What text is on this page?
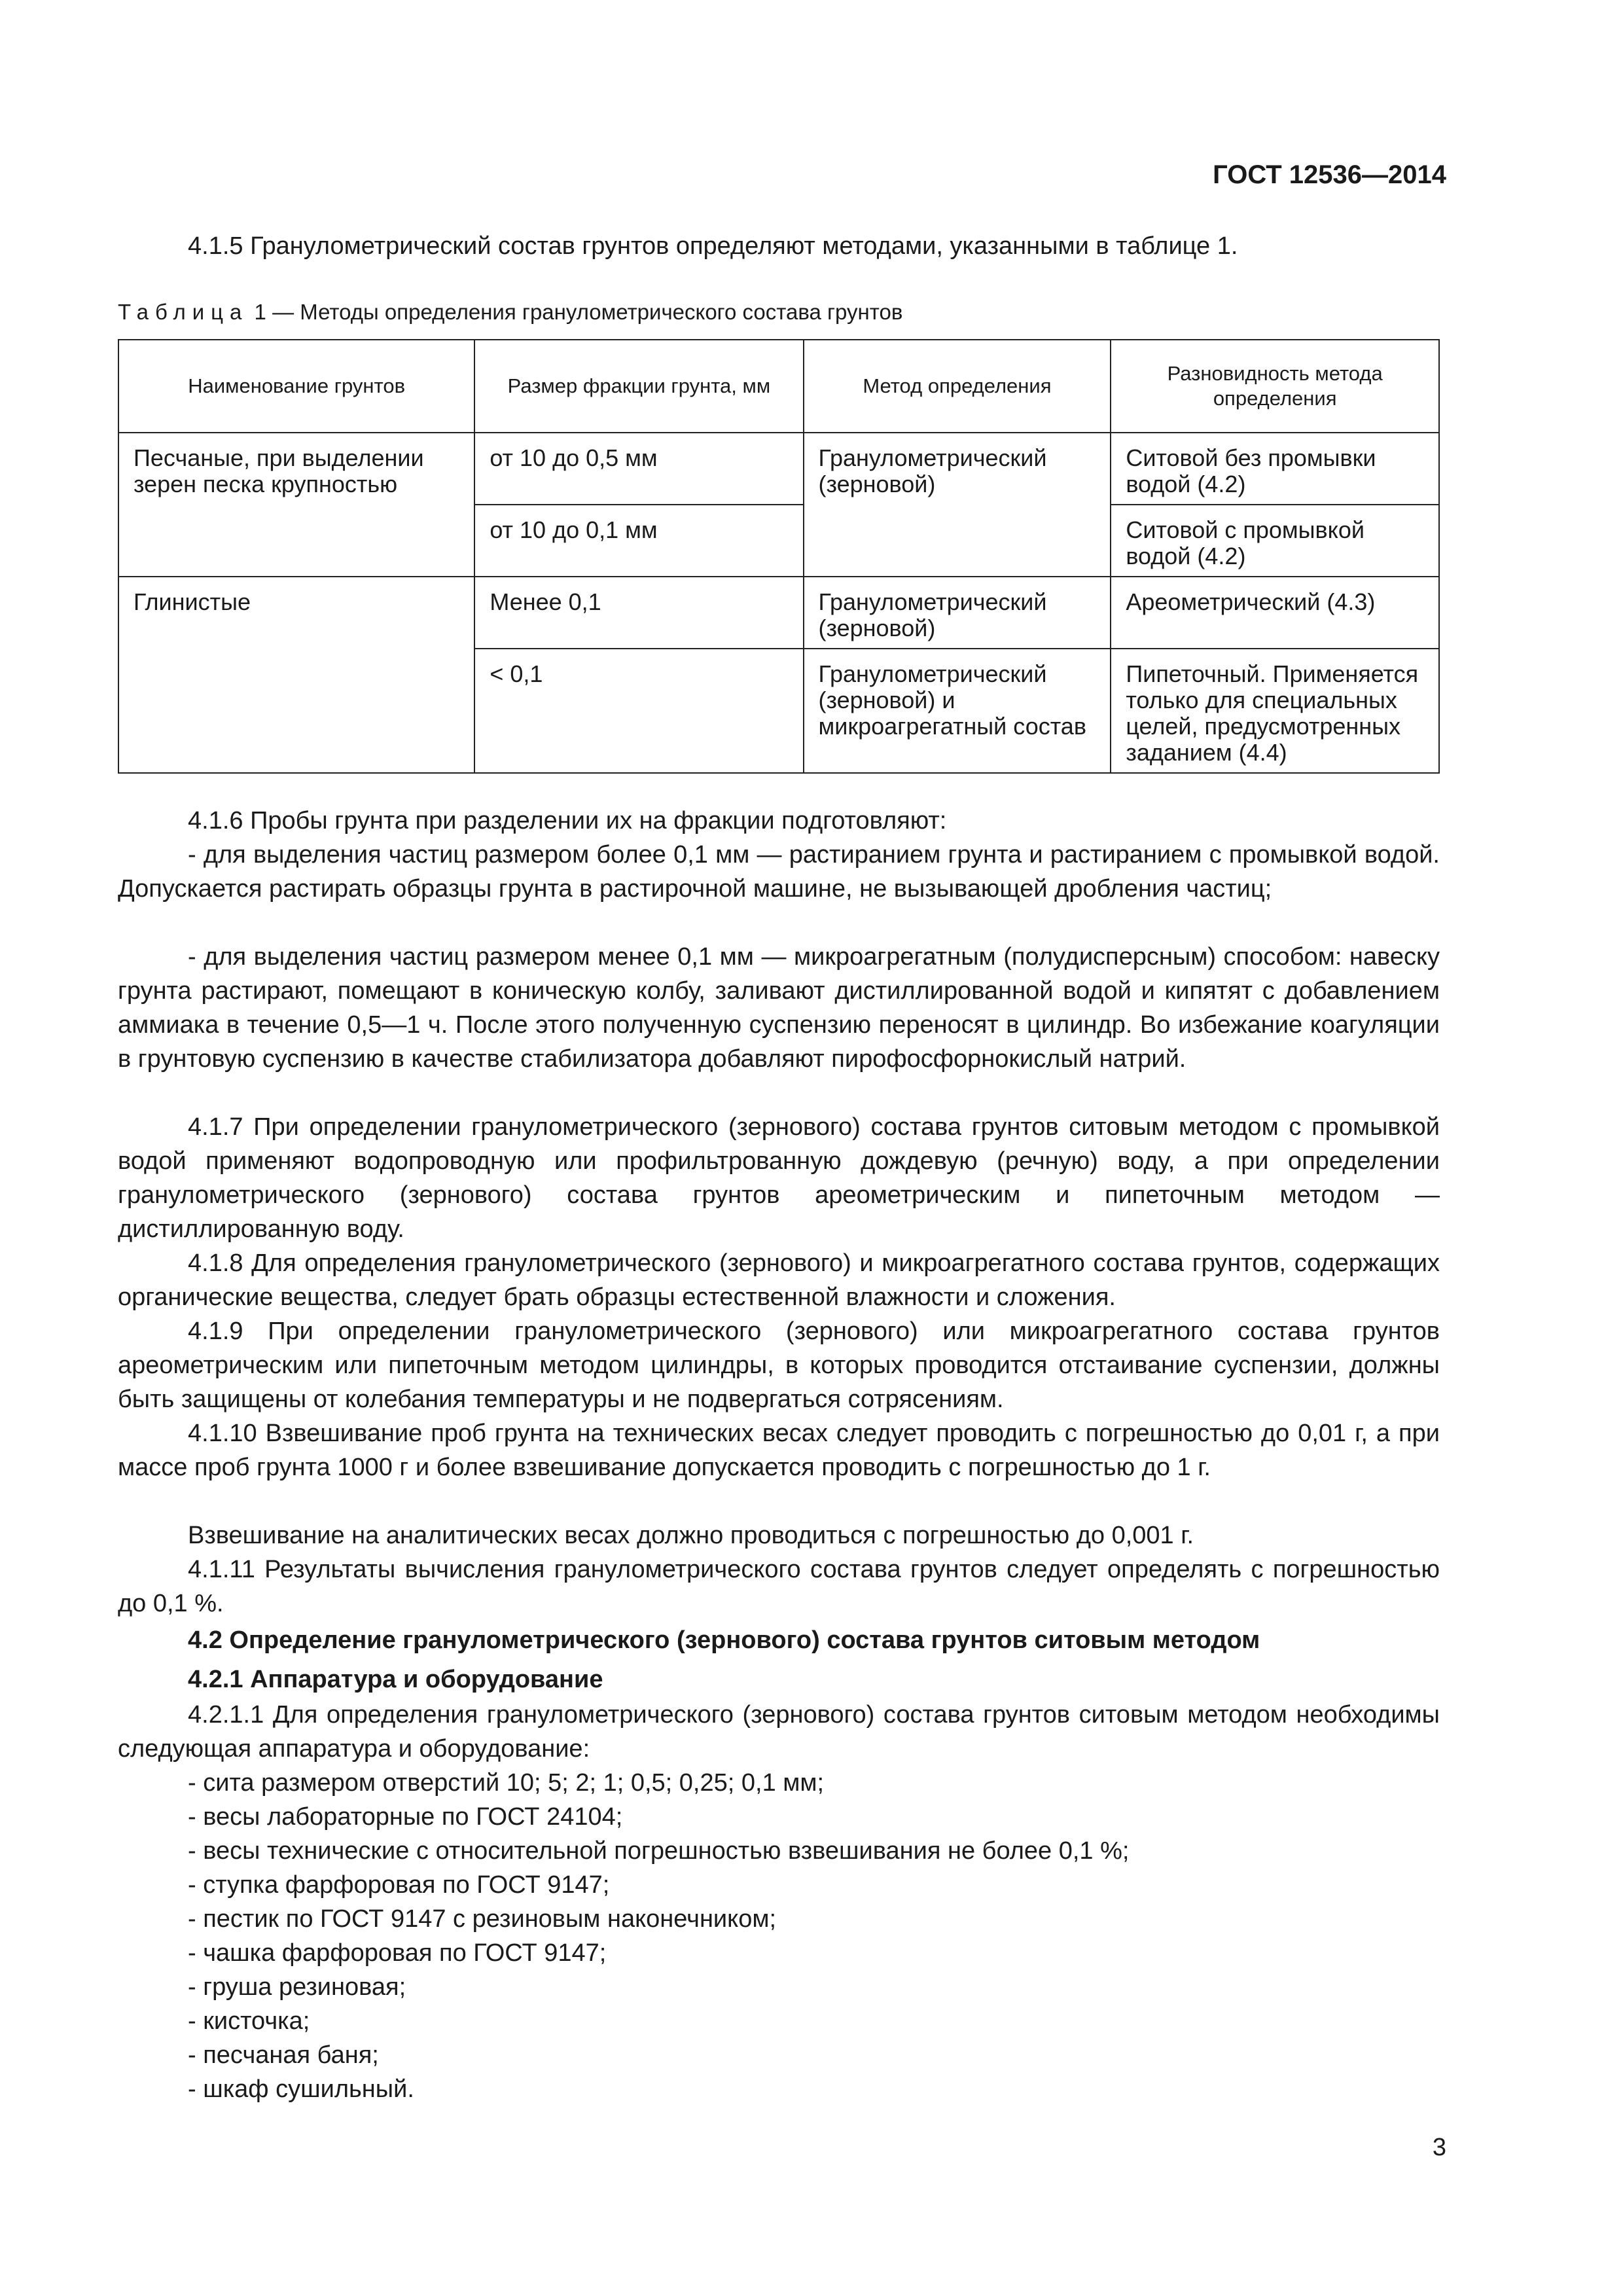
ГОСТ 12536—2014
4.1.5 Гранулометрический состав грунтов определяют методами, указанными в таблице 1.
Таблица 1 — Методы определения гранулометрического состава грунтов
Наименование грунтов	Размер фракции грунта, мм	Метод определения	Разновидность метода определения
Песчаные, при выделении зерен песка крупностью	от 10 до 0,5 мм	Гранулометрический (зерновой)	Ситовой без промывки водой (4.2)
	от 10 до 0,1 мм		Ситовой с промывкой водой (4.2)
Глинистые	Менее 0,1	Гранулометрический (зерновой)	Ареометрический (4.3)
	< 0,1	Гранулометрический (зерновой) и микроагрегатный состав	Пипеточный. Применяется только для специальных целей, предусмотренных заданием (4.4)
4.1.6 Пробы грунта при разделении их на фракции подготовляют:
- для выделения частиц размером более 0,1 мм — растиранием грунта и растиранием с промывкой водой. Допускается растирать образцы грунта в растирочной машине, не вызывающей дробления частиц;
- для выделения частиц размером менее 0,1 мм — микроагрегатным (полудисперсным) способом: навеску грунта растирают, помещают в коническую колбу, заливают дистиллированной водой и кипятят с добавлением аммиака в течение 0,5—1 ч. После этого полученную суспензию переносят в цилиндр. Во избежание коагуляции в грунтовую суспензию в качестве стабилизатора добавляют пирофосфорнокислый натрий.
4.1.7 При определении гранулометрического (зернового) состава грунтов ситовым методом с промывкой водой применяют водопроводную или профильтрованную дождевую (речную) воду, а при определении гранулометрического (зернового) состава грунтов ареометрическим и пипеточным методом — дистиллированную воду.
4.1.8 Для определения гранулометрического (зернового) и микроагрегатного состава грунтов, содержащих органические вещества, следует брать образцы естественной влажности и сложения.
4.1.9 При определении гранулометрического (зернового) или микроагрегатного состава грунтов ареометрическим или пипеточным методом цилиндры, в которых проводится отстаивание суспензии, должны быть защищены от колебания температуры и не подвергаться сотрясениям.
4.1.10 Взвешивание проб грунта на технических весах следует проводить с погрешностью до 0,01 г, а при массе проб грунта 1000 г и более взвешивание допускается проводить с погрешностью до 1 г.
Взвешивание на аналитических весах должно проводиться с погрешностью до 0,001 г.
4.1.11 Результаты вычисления гранулометрического состава грунтов следует определять с погрешностью до 0,1 %.
4.2 Определение гранулометрического (зернового) состава грунтов ситовым методом
4.2.1 Аппаратура и оборудование
4.2.1.1 Для определения гранулометрического (зернового) состава грунтов ситовым методом необходимы следующая аппаратура и оборудование:
- сита размером отверстий 10; 5; 2; 1; 0,5; 0,25; 0,1 мм;
- весы лабораторные по ГОСТ 24104;
- весы технические с относительной погрешностью взвешивания не более 0,1 %;
- ступка фарфоровая по ГОСТ 9147;
- пестик по ГОСТ 9147 с резиновым наконечником;
- чашка фарфоровая по ГОСТ 9147;
- груша резиновая;
- кисточка;
- песчаная баня;
- шкаф сушильный.
3
